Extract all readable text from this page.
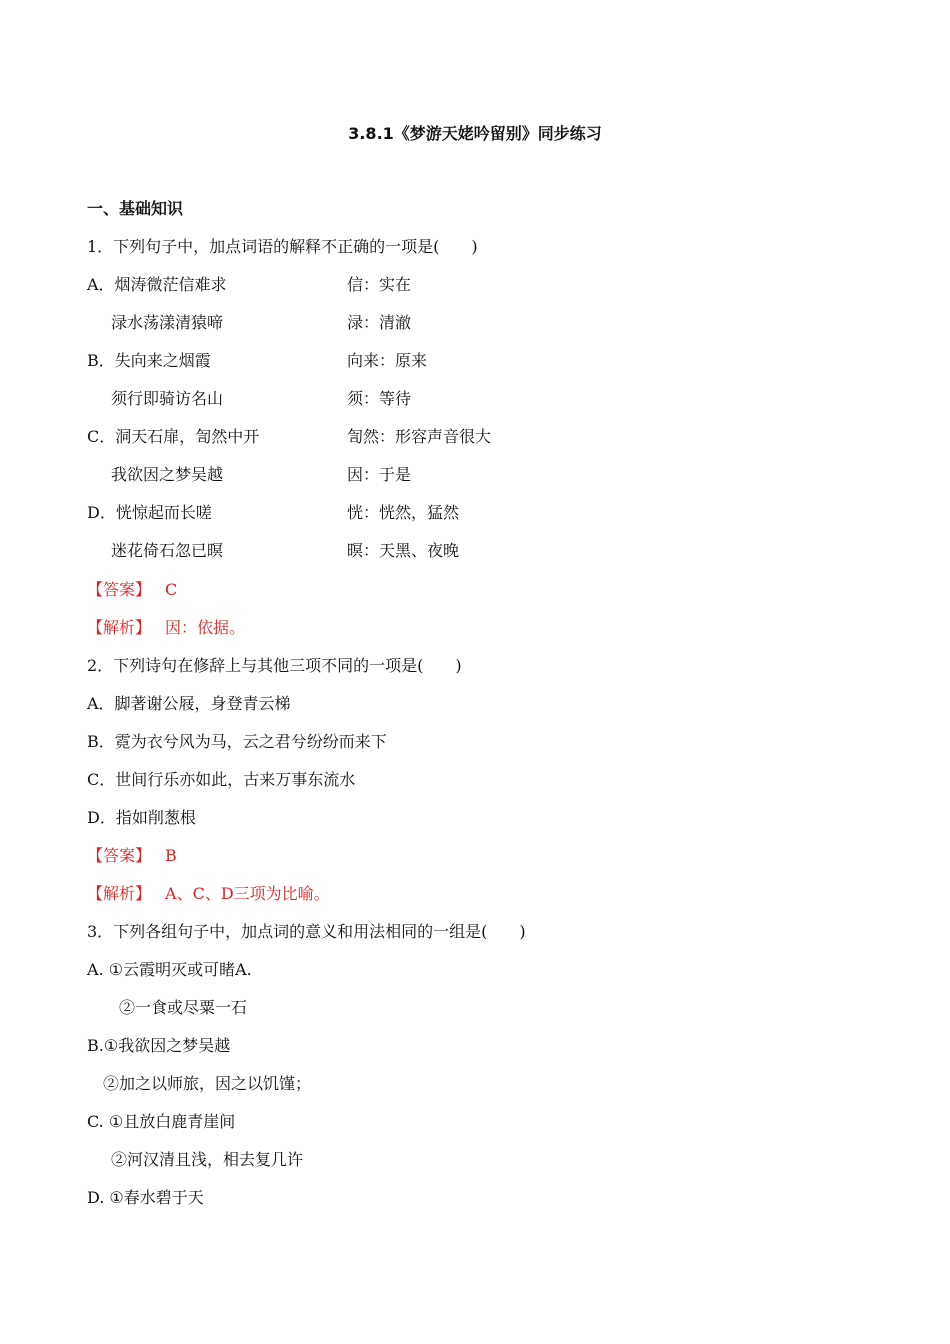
3.8.1《梦游天姥吟留别》同步练习
一、基础知识
1．下列句子中，加点词语的解释不正确的一项是(　　)
A．烟涛微茫信难求	信：实在
渌水荡漾清猿啼	渌：清澈
B．失向来之烟霞	向来：原来
须行即骑访名山	须：等待
C．洞天石扉，訇然中开	訇然：形容声音很大
我欲因之梦吴越	因：于是
D．恍惊起而长嗟	恍：恍然，猛然
迷花倚石忽已暝	暝：天黑、夜晚
【答案】 C
【解析】 因：依据。
2．下列诗句在修辞上与其他三项不同的一项是(　　)
A．脚著谢公屐，身登青云梯
B．霓为衣兮风为马，云之君兮纷纷而来下
C．世间行乐亦如此，古来万事东流水
D．指如削葱根
【答案】 B
【解析】 A、C、D三项为比喻。
3．下列各组句子中，加点词的意义和用法相同的一组是(　　)
A. ①云霞明灭或可睹A.
②一食或尽粟一石
B.①我欲因之梦吴越
②加之以师旅，因之以饥馑；
C. ①且放白鹿青崖间
②河汉清且浅，相去复几许
D. ①春水碧于天
